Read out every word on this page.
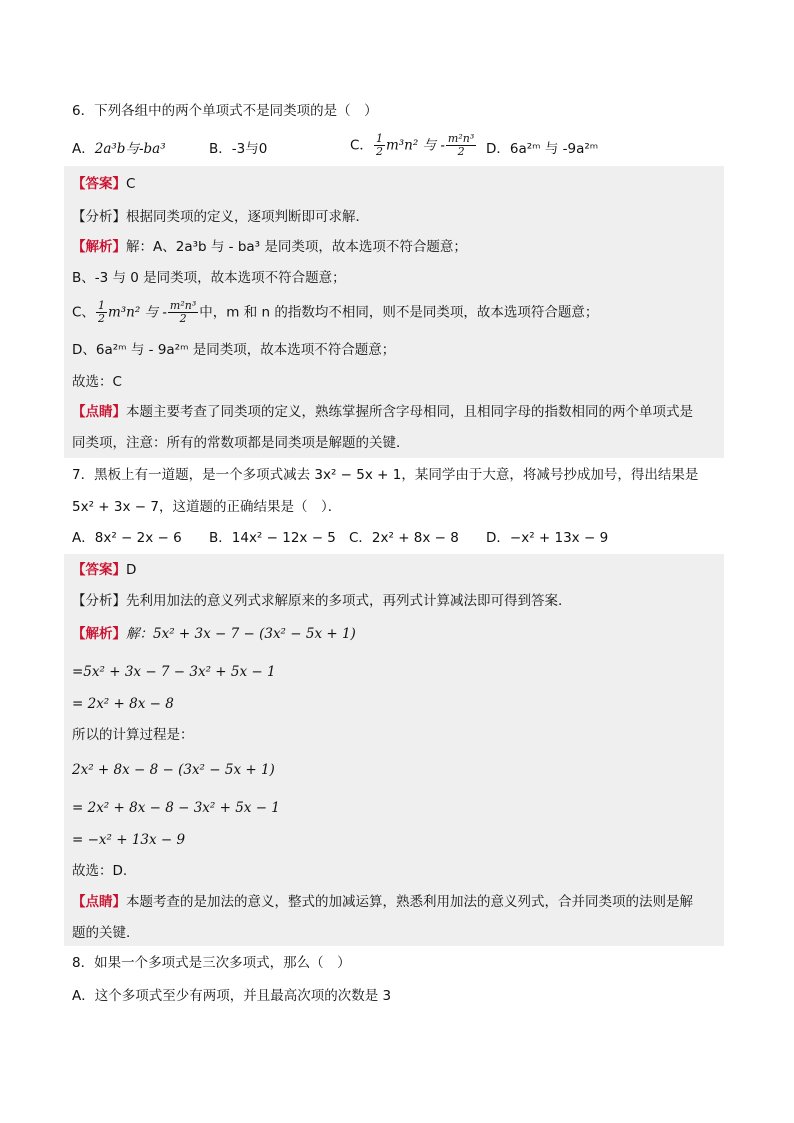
6．下列各组中的两个单项式不是同类项的是（　）
A．2a³b与-ba³	B．-3与0	C． $\frac{1}{2} m^3n^2$ 与 - $\frac{\text{m²n³}}{2}$ D．6a²ᵐ 与 -9a²ᵐ
【答案】C
【分析】根据同类项的定义，逐项判断即可求解．
【解析】解：A、2a³b 与 - ba³ 是同类项，故本选项不符合题意；
B、-3 与 0 是同类项，故本选项不符合题意；
C、 $\frac{1}{2} m^3n^2$ 与 - $\frac{\text{m²n³}}{2}$ 中，m 和 n 的指数均不相同，则不是同类项，故本选项符合题意；
D、6a²ᵐ 与 - 9a²ᵐ 是同类项，故本选项不符合题意；
故选：C
【点睛】本题主要考查了同类项的定义，熟练掌握所含字母相同，且相同字母的指数相同的两个单项式是
同类项，注意：所有的常数项都是同类项是解题的关键．
7．黑板上有一道题，是一个多项式减去 3x² − 5x + 1，某同学由于大意，将减号抄成加号，得出结果是
5x² + 3x − 7，这道题的正确结果是（　）．
A．8x² − 2x − 6 B．14x² − 12x − 5 C．2x² + 8x − 8 D．−x² + 13x − 9
【答案】D
【分析】先利用加法的意义列式求解原来的多项式，再列式计算减法即可得到答案.
【解析】解：5x² + 3x − 7 − (3x² − 5x + 1)
=5x² + 3x − 7 − 3x² + 5x − 1
= 2x² + 8x − 8
所以的计算过程是：
2x² + 8x − 8 − (3x² − 5x + 1)
= 2x² + 8x − 8 − 3x² + 5x − 1
= −x² + 13x − 9
故选：D.
【点睛】本题考查的是加法的意义，整式的加减运算，熟悉利用加法的意义列式，合并同类项的法则是解
题的关键.
8．如果一个多项式是三次多项式，那么（　）
A．这个多项式至少有两项，并且最高次项的次数是 3
